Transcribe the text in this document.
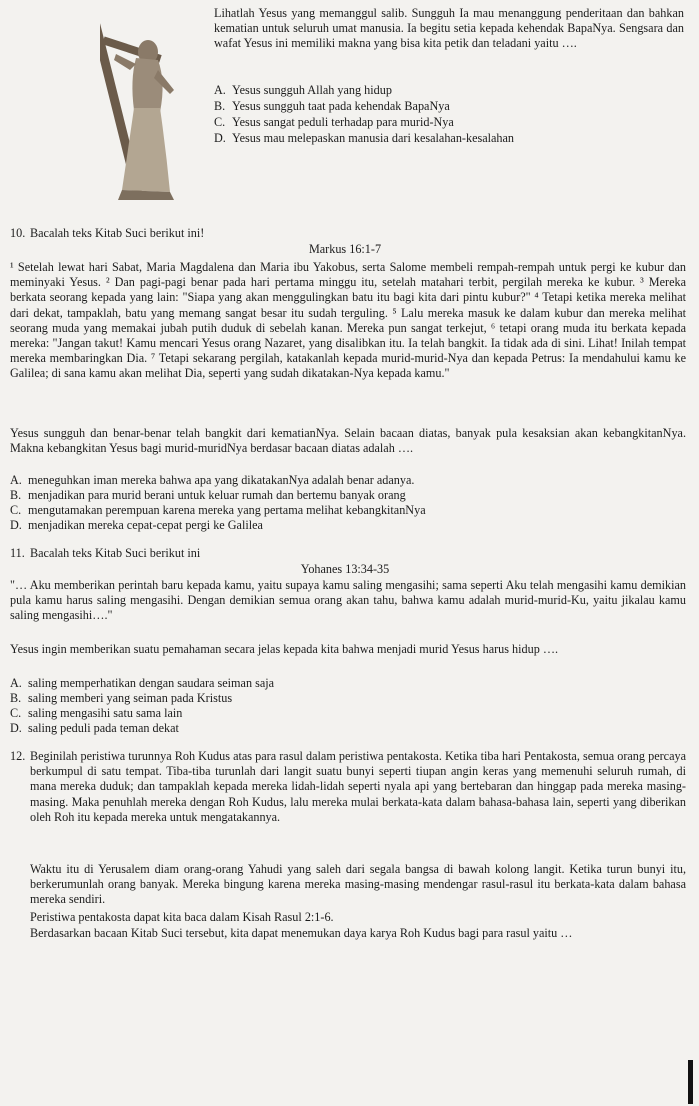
Lihatlah Yesus yang memanggul salib. Sungguh Ia mau menanggung penderitaan dan bahkan kematian untuk seluruh umat manusia. Ia begitu setia kepada kehendak BapaNya. Sengsara dan wafat Yesus ini memiliki makna yang bisa kita petik dan teladani yaitu ….
A. Yesus sungguh Allah yang hidup
B. Yesus sungguh taat pada kehendak BapaNya
C. Yesus sangat peduli terhadap para murid-Nya
D. Yesus mau melepaskan manusia dari kesalahan-kesalahan
10. Bacalah teks Kitab Suci berikut ini!
Markus 16:1-7
¹ Setelah lewat hari Sabat, Maria Magdalena dan Maria ibu Yakobus, serta Salome membeli rempah-rempah untuk pergi ke kubur dan meminyaki Yesus. ² Dan pagi-pagi benar pada hari pertama minggu itu, setelah matahari terbit, pergilah mereka ke kubur. ³ Mereka berkata seorang kepada yang lain: "Siapa yang akan menggulingkan batu itu bagi kita dari pintu kubur?" ⁴ Tetapi ketika mereka melihat dari dekat, tampaklah, batu yang memang sangat besar itu sudah terguling. ⁵ Lalu mereka masuk ke dalam kubur dan mereka melihat seorang muda yang memakai jubah putih duduk di sebelah kanan. Mereka pun sangat terkejut, ⁶ tetapi orang muda itu berkata kepada mereka: "Jangan takut! Kamu mencari Yesus orang Nazaret, yang disalibkan itu. Ia telah bangkit. Ia tidak ada di sini. Lihat! Inilah tempat mereka membaringkan Dia. ⁷ Tetapi sekarang pergilah, katakanlah kepada murid-murid-Nya dan kepada Petrus: Ia mendahului kamu ke Galilea; di sana kamu akan melihat Dia, seperti yang sudah dikatakan-Nya kepada kamu."
Yesus sungguh dan benar-benar telah bangkit dari kematianNya. Selain bacaan diatas, banyak pula kesaksian akan kebangkitanNya. Makna kebangkitan Yesus bagi murid-muridNya berdasar bacaan diatas adalah ….
A. meneguhkan iman mereka bahwa apa yang dikatakanNya adalah benar adanya.
B. menjadikan para murid berani untuk keluar rumah dan bertemu banyak orang
C. mengutamakan perempuan karena mereka yang pertama melihat kebangkitanNya
D. menjadikan mereka cepat-cepat pergi ke Galilea
11. Bacalah teks Kitab Suci berikut ini
Yohanes 13:34-35
"… Aku memberikan perintah baru kepada kamu, yaitu supaya kamu saling mengasihi; sama seperti Aku telah mengasihi kamu demikian pula kamu harus saling mengasihi. Dengan demikian semua orang akan tahu, bahwa kamu adalah murid-murid-Ku, yaitu jikalau kamu saling mengasihi…."
Yesus ingin memberikan suatu pemahaman secara jelas kepada kita bahwa menjadi murid Yesus harus hidup ….
A. saling memperhatikan dengan saudara seiman saja
B. saling memberi yang seiman pada Kristus
C. saling mengasihi satu sama lain
D. saling peduli pada teman dekat
12. Beginilah peristiwa turunnya Roh Kudus atas para rasul dalam peristiwa pentakosta. Ketika tiba hari Pentakosta, semua orang percaya berkumpul di satu tempat. Tiba-tiba turunlah dari langit suatu bunyi seperti tiupan angin keras yang memenuhi seluruh rumah, di mana mereka duduk; dan tampaklah kepada mereka lidah-lidah seperti nyala api yang bertebaran dan hinggap pada mereka masing-masing. Maka penuhlah mereka dengan Roh Kudus, lalu mereka mulai berkata-kata dalam bahasa-bahasa lain, seperti yang diberikan oleh Roh itu kepada mereka untuk mengatakannya.
Waktu itu di Yerusalem diam orang-orang Yahudi yang saleh dari segala bangsa di bawah kolong langit. Ketika turun bunyi itu, berkerumunlah orang banyak. Mereka bingung karena mereka masing-masing mendengar rasul-rasul itu berkata-kata dalam bahasa mereka sendiri.
Peristiwa pentakosta dapat kita baca dalam Kisah Rasul 2:1-6.
Berdasarkan bacaan Kitab Suci tersebut, kita dapat menemukan daya karya Roh Kudus bagi para rasul yaitu …
